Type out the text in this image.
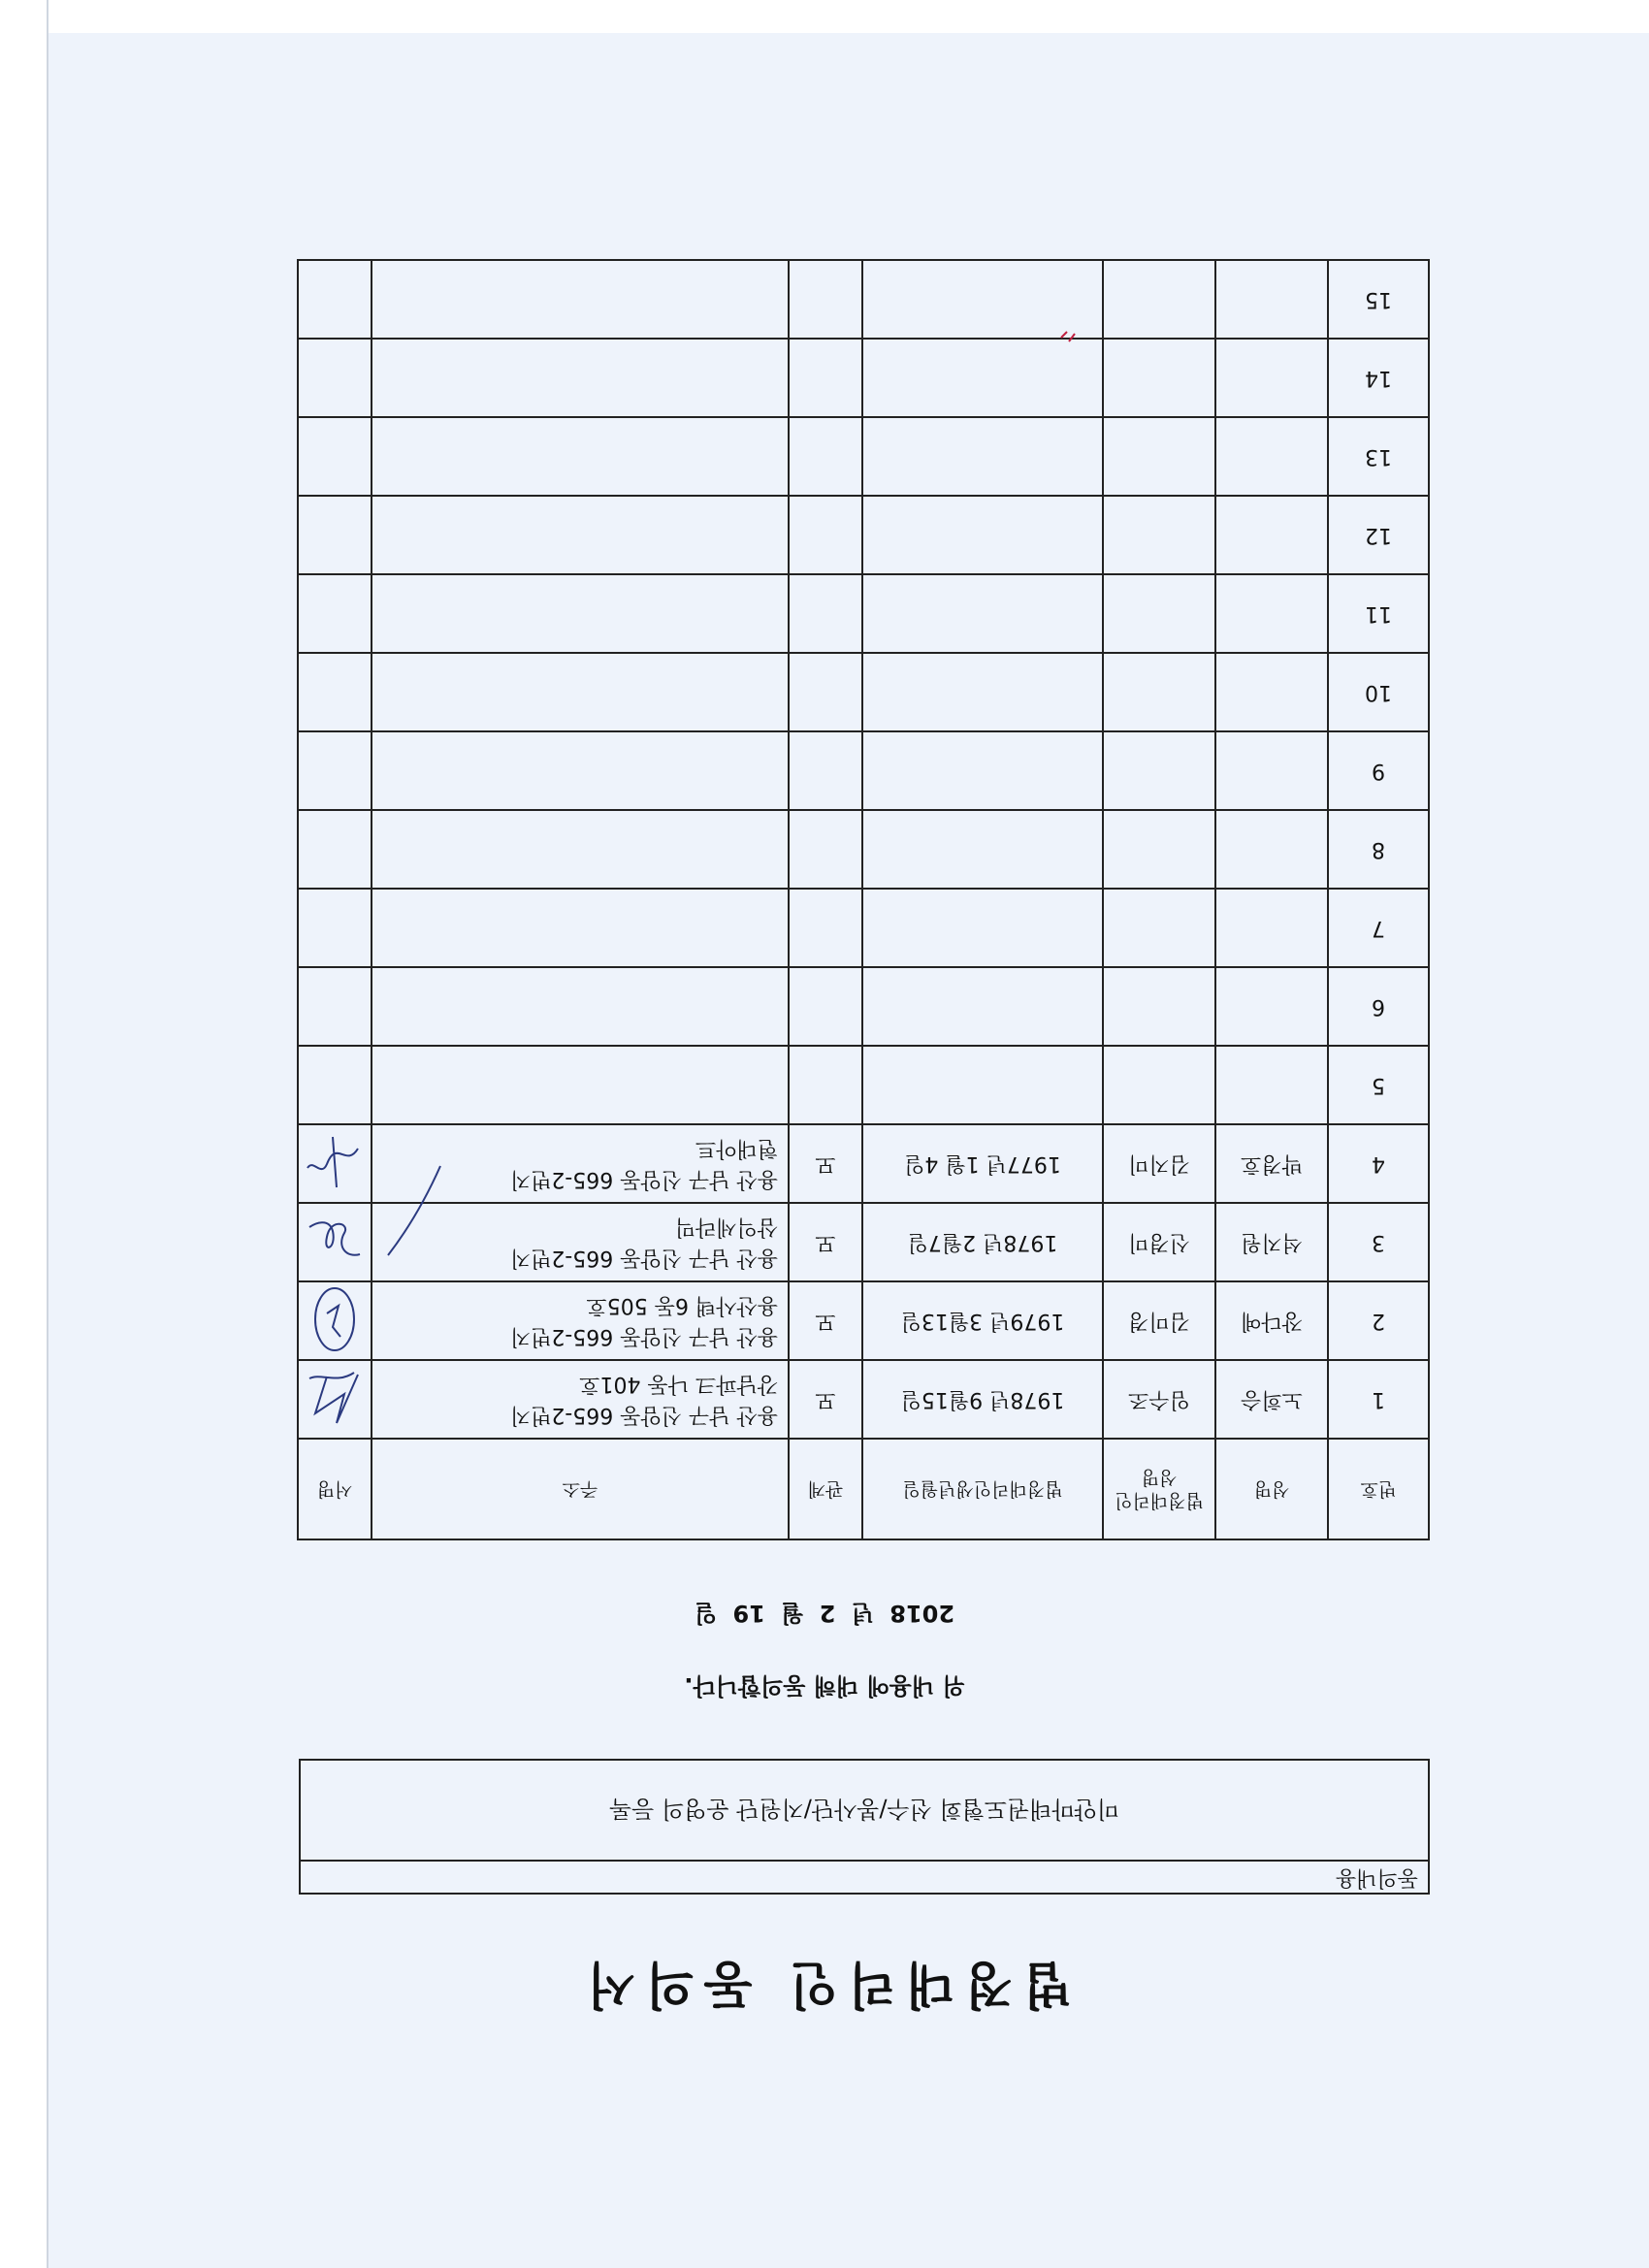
법정대리인 동의서
동의내용
미얀마태권도협회 선수/봉사단/지원단 운영의 등록
위 내용에 대해 동의합니다.
2018 년 2 월 19 일
번호	성명	법정대리인성명	법정대리인생년월일	관계	주소	서명
1	노희승	임수조	1978년 9월15일	모	용산 남구 신암동 665-2번지
강남파크 나동 401호

2	장다예	김미경	1979년 3월13일	모	용산 남구 신암동 665-2번지
용산사택 6동 505호

3	석지원	신경미	1978년 2월7일	모	용산 남구 신암동 665-2번지
삼익세라믹

4	박경호	김지미	1977년 1월 4일	모	용산 남구 신암동 665-2번지
현대아트

5						
6						
7						
8						
9						
10						
11						
12						
13						
14						
15						
